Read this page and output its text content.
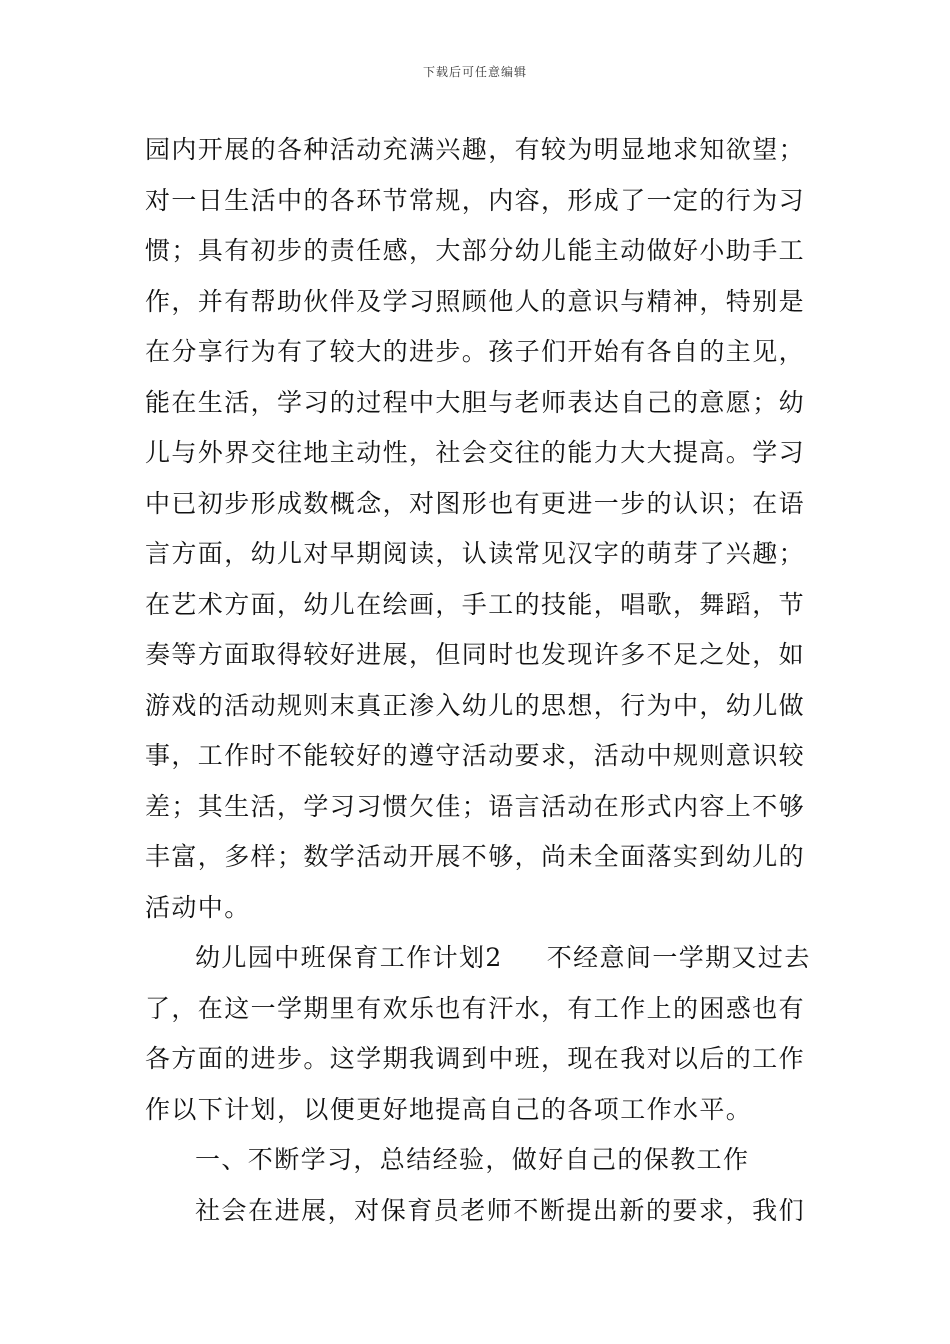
下载后可任意编辑
园内开展的各种活动充满兴趣，有较为明显地求知欲望；
对一日生活中的各环节常规，内容，形成了一定的行为习
惯；具有初步的责任感，大部分幼儿能主动做好小助手工
作，并有帮助伙伴及学习照顾他人的意识与精神，特别是
在分享行为有了较大的进步。孩子们开始有各自的主见，
能在生活，学习的过程中大胆与老师表达自己的意愿；幼
儿与外界交往地主动性，社会交往的能力大大提高。学习
中已初步形成数概念，对图形也有更进一步的认识；在语
言方面，幼儿对早期阅读，认读常见汉字的萌芽了兴趣；
在艺术方面，幼儿在绘画，手工的技能，唱歌，舞蹈，节
奏等方面取得较好进展，但同时也发现许多不足之处，如
游戏的活动规则末真正渗入幼儿的思想，行为中，幼儿做
事，工作时不能较好的遵守活动要求，活动中规则意识较
差；其生活，学习习惯欠佳；语言活动在形式内容上不够
丰富，多样；数学活动开展不够，尚未全面落实到幼儿的
活动中。
幼儿园中班保育工作计划2 不经意间一学期又过去
了，在这一学期里有欢乐也有汗水，有工作上的困惑也有
各方面的进步。这学期我调到中班，现在我对以后的工作
作以下计划，以便更好地提高自己的各项工作水平。
一、不断学习，总结经验，做好自己的保教工作
社会在进展，对保育员老师不断提出新的要求，我们
